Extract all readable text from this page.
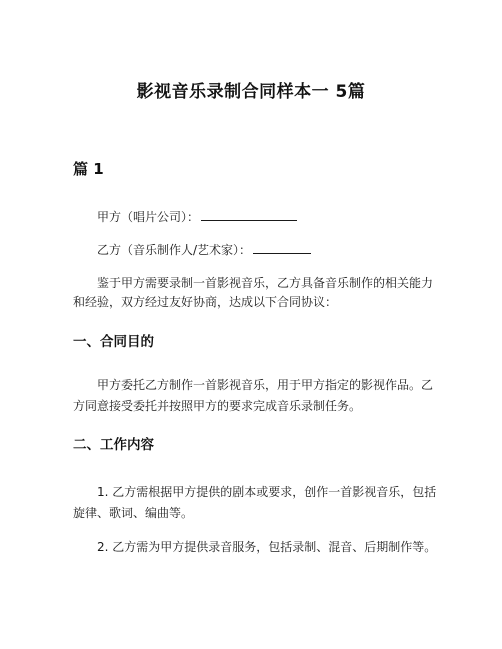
影视音乐录制合同样本一 5篇
篇 1
甲方（唱片公司）：
乙方（音乐制作人/艺术家）：
鉴于甲方需要录制一首影视音乐，乙方具备音乐制作的相关能力
和经验，双方经过友好协商，达成以下合同协议：
一、合同目的
甲方委托乙方制作一首影视音乐，用于甲方指定的影视作品。乙
方同意接受委托并按照甲方的要求完成音乐录制任务。
二、工作内容
1. 乙方需根据甲方提供的剧本或要求，创作一首影视音乐，包括
旋律、歌词、编曲等。
2. 乙方需为甲方提供录音服务，包括录制、混音、后期制作等。
